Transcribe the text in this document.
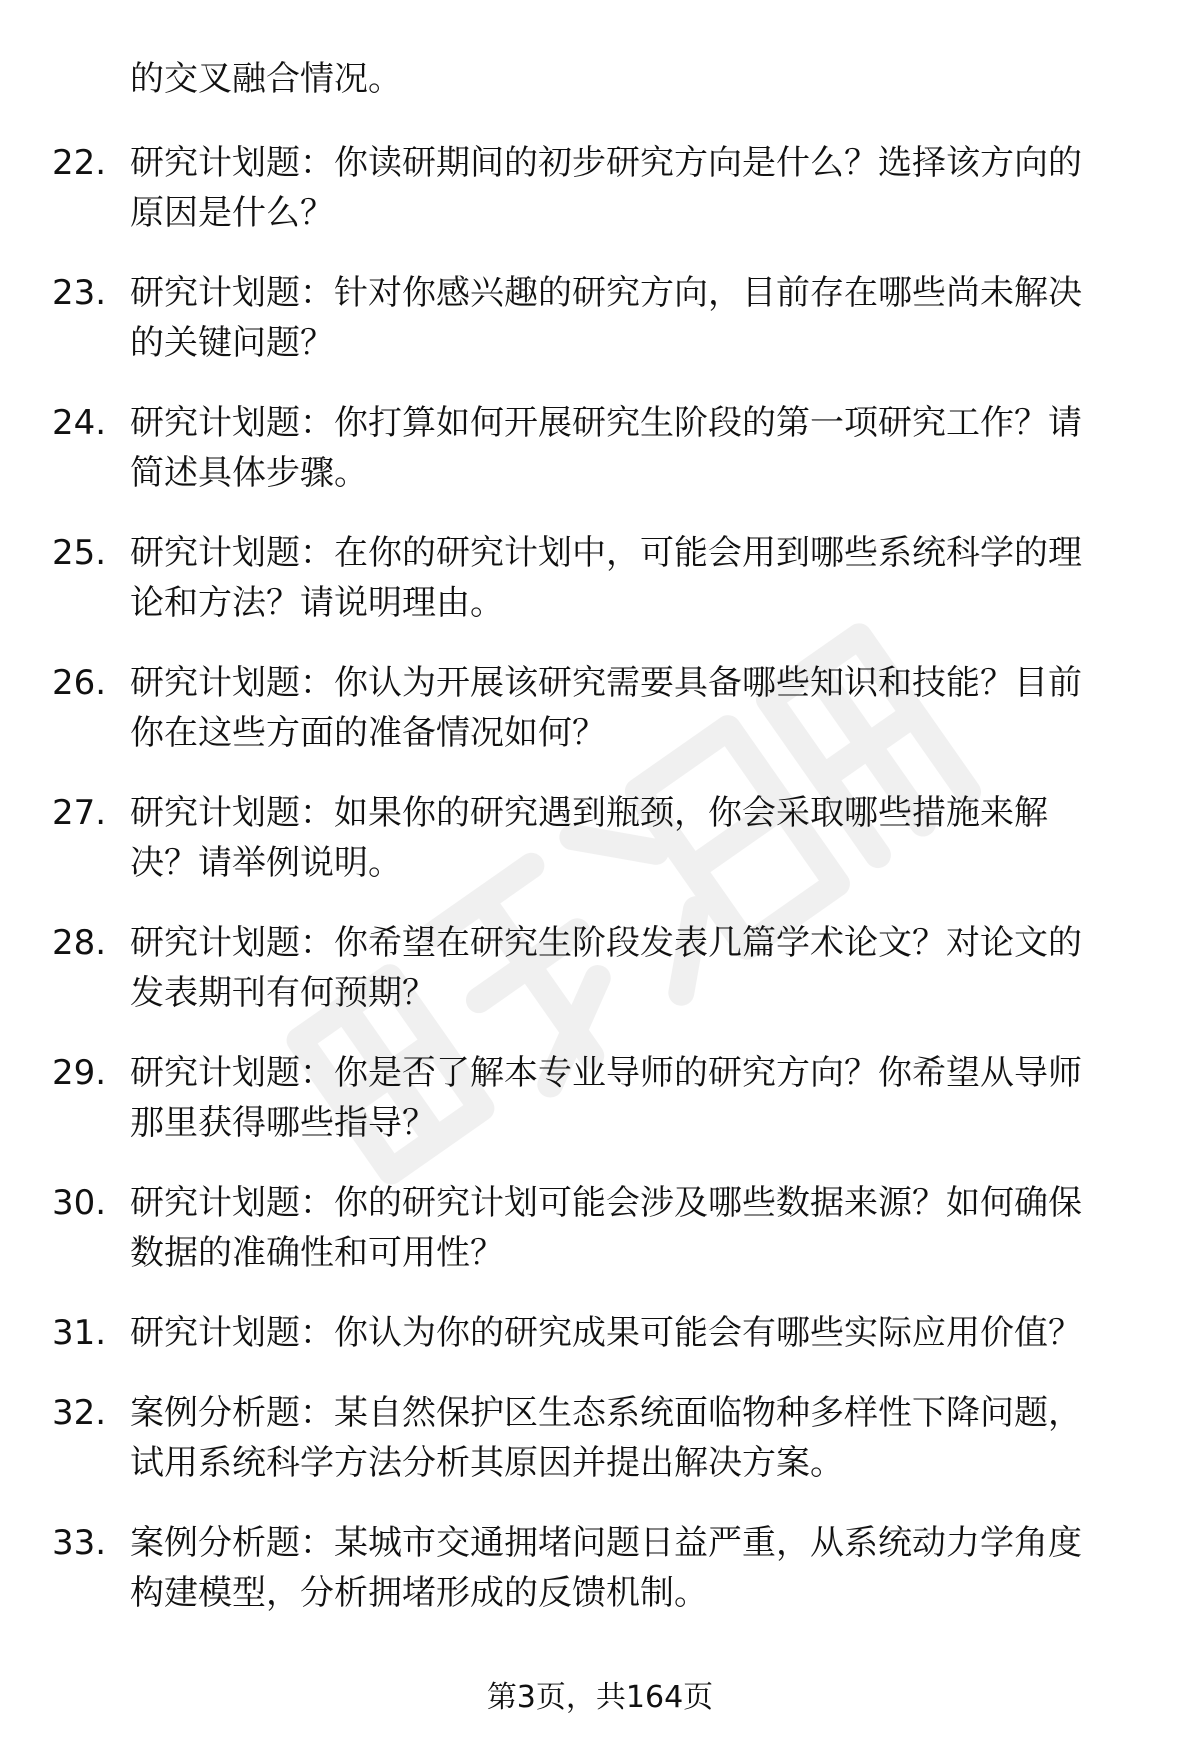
的交叉融合情况。
22. 研究计划题：你读研期间的初步研究方向是什么？选择该方向的
原因是什么？
23. 研究计划题：针对你感兴趣的研究方向，目前存在哪些尚未解决
的关键问题？
24. 研究计划题：你打算如何开展研究生阶段的第一项研究工作？请
简述具体步骤。
25. 研究计划题：在你的研究计划中，可能会用到哪些系统科学的理
论和方法？请说明理由。
26. 研究计划题：你认为开展该研究需要具备哪些知识和技能？目前
你在这些方面的准备情况如何？
27. 研究计划题：如果你的研究遇到瓶颈，你会采取哪些措施来解
决？请举例说明。
28. 研究计划题：你希望在研究生阶段发表几篇学术论文？对论文的
发表期刊有何预期？
29. 研究计划题：你是否了解本专业导师的研究方向？你希望从导师
那里获得哪些指导？
30. 研究计划题：你的研究计划可能会涉及哪些数据来源？如何确保
数据的准确性和可用性？
31. 研究计划题：你认为你的研究成果可能会有哪些实际应用价值？
32. 案例分析题：某自然保护区生态系统面临物种多样性下降问题，
试用系统科学方法分析其原因并提出解决方案。
33. 案例分析题：某城市交通拥堵问题日益严重，从系统动力学角度
构建模型，分析拥堵形成的反馈机制。
第3页，共164页
